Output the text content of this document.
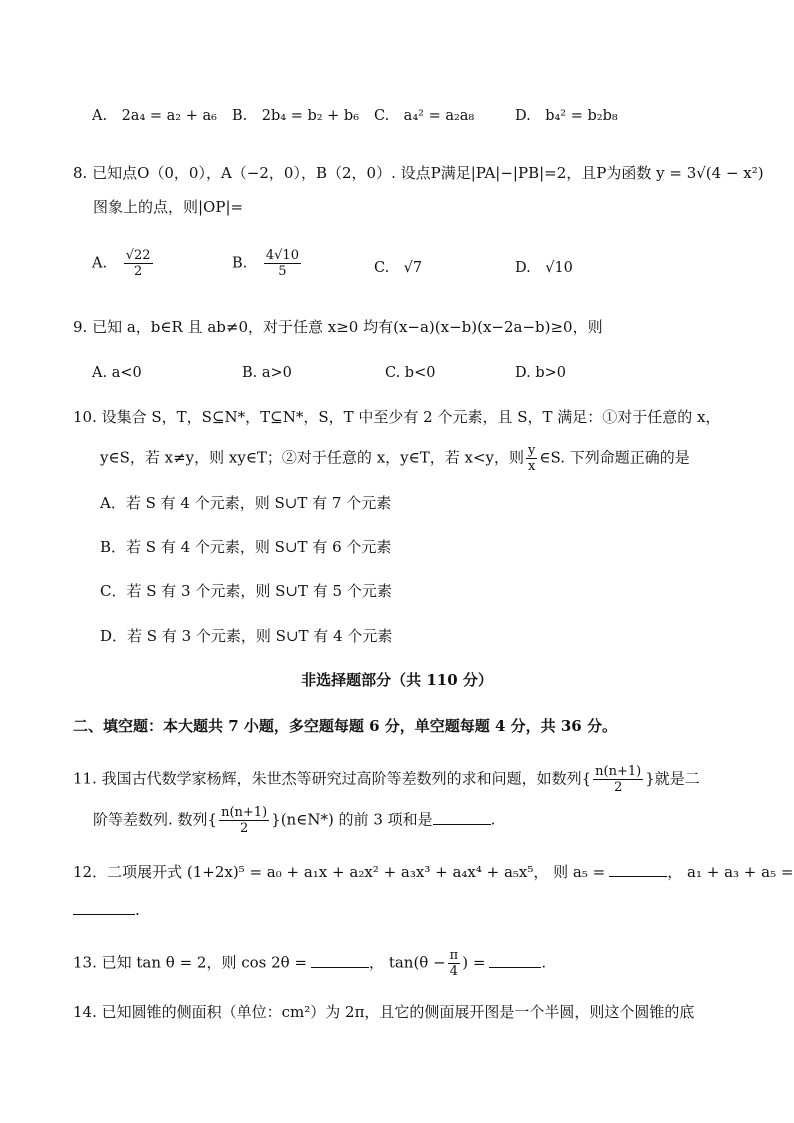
A.　2a₄ = a₂ + a₆ B.　2b₄ = b₂ + b₆ C.　a₄² = a₂a₈	D.　b₄² = b₂b₈
8. 已知点O（0，0），A（−2，0），B（2，0）. 设点P满足|PA|−|PB|=2，且P为函数 y = 3√(4 − x²)
图象上的点，则|OP|=
A. $\frac{√22}{2}$	B. $\frac{4√10}{5}$	C.　√7	D.　√10
9. 已知 a，b∈R 且 ab≠0，对于任意 x≥0 均有(x−a)(x−b)(x−2a−b)≥0，则
A. a<0	B. a>0	C. b<0	D. b>0
10. 设集合 S，T，S⊆N*，T⊆N*，S，T 中至少有 2 个元素，且 S，T 满足：①对于任意的 x，
y∈S，若 x≠y，则 xy∈T；②对于任意的 x，y∈T，若 x<y，则 $\frac{y}{x}$ ∈S. 下列命题正确的是
A．若 S 有 4 个元素，则 S∪T 有 7 个元素
B．若 S 有 4 个元素，则 S∪T 有 6 个元素
C．若 S 有 3 个元素，则 S∪T 有 5 个元素
D．若 S 有 3 个元素，则 S∪T 有 4 个元素
非选择题部分（共 110 分）
二、填空题：本大题共 7 小题，多空题每题 6 分，单空题每题 4 分，共 36 分。
11. 我国古代数学家杨辉，朱世杰等研究过高阶等差数列的求和问题，如数列{ $\frac{n(n+1)}{2}$ }就是二
阶等差数列. 数列{ $\frac{n(n+1)}{2}$ }(n∈N*) 的前 3 项和是	.
12．二项展开式 (1+2x)⁵ = a₀ + a₁x + a₂x² + a₃x³ + a₄x⁴ + a₅x⁵， 则 a₅ =	， a₁ + a₃ + a₅ =
.
13. 已知 tan θ = 2，则 cos 2θ =	， $\tan(\theta - \frac{\pi}{4}$ ) =	.
14. 已知圆锥的侧面积（单位：cm²）为 2π，且它的侧面展开图是一个半圆，则这个圆锥的底
